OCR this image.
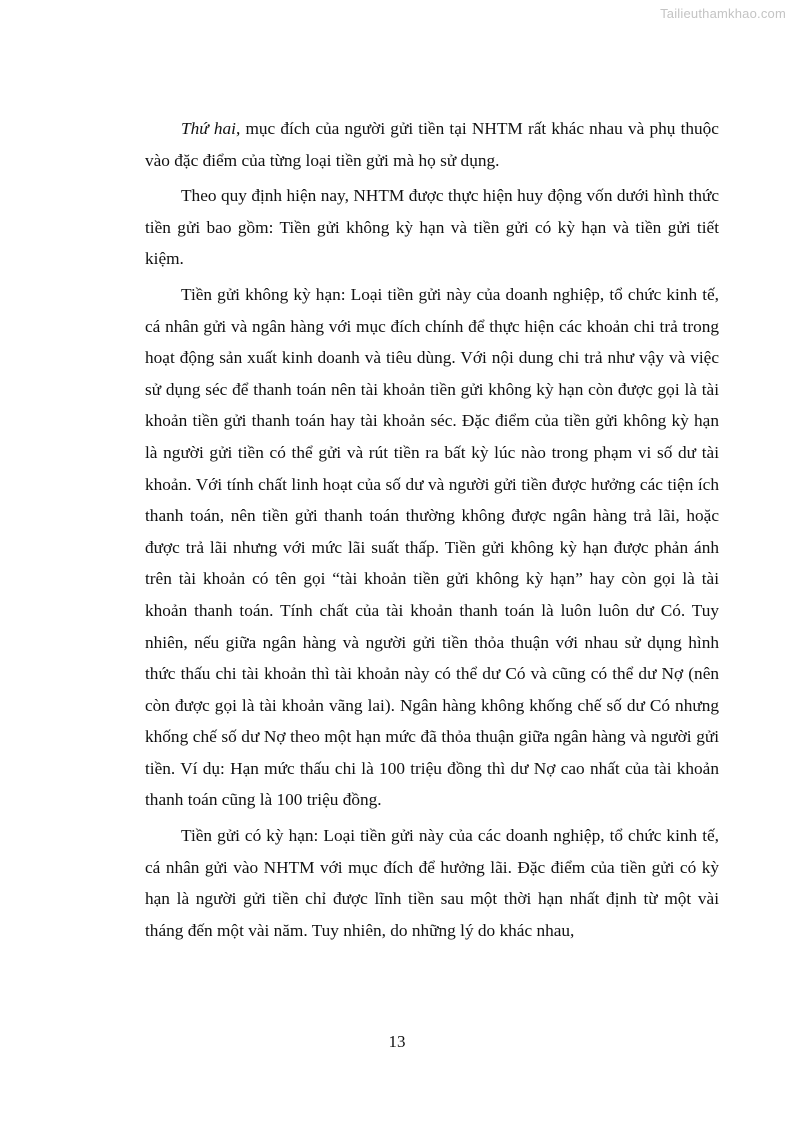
Tailieuthamkhao.com

Thứ hai, mục đích của người gửi tiền tại NHTM rất khác nhau và phụ thuộc vào đặc điểm của từng loại tiền gửi mà họ sử dụng.

Theo quy định hiện nay, NHTM được thực hiện huy động vốn dưới hình thức tiền gửi bao gồm: Tiền gửi không kỳ hạn và tiền gửi có kỳ hạn và tiền gửi tiết kiệm.

Tiền gửi không kỳ hạn: Loại tiền gửi này của doanh nghiệp, tổ chức kinh tế, cá nhân gửi và ngân hàng với mục đích chính để thực hiện các khoản chi trả trong hoạt động sản xuất kinh doanh và tiêu dùng. Với nội dung chi trả như vậy và việc sử dụng séc để thanh toán nên tài khoản tiền gửi không kỳ hạn còn được gọi là tài khoản tiền gửi thanh toán hay tài khoản séc. Đặc điểm của tiền gửi không kỳ hạn là người gửi tiền có thể gửi và rút tiền ra bất kỳ lúc nào trong phạm vi số dư tài khoản. Với tính chất linh hoạt của số dư và người gửi tiền được hưởng các tiện ích thanh toán, nên tiền gửi thanh toán thường không được ngân hàng trả lãi, hoặc được trả lãi nhưng với mức lãi suất thấp. Tiền gửi không kỳ hạn được phản ánh trên tài khoản có tên gọi “tài khoản tiền gửi không kỳ hạn” hay còn gọi là tài khoản thanh toán. Tính chất của tài khoản thanh toán là luôn luôn dư Có. Tuy nhiên, nếu giữa ngân hàng và người gửi tiền thỏa thuận với nhau sử dụng hình thức thấu chi tài khoản thì tài khoản này có thể dư Có và cũng có thể dư Nợ (nên còn được gọi là tài khoản vãng lai). Ngân hàng không khống chế số dư Có nhưng khống chế số dư Nợ theo một hạn mức đã thỏa thuận giữa ngân hàng và người gửi tiền. Ví dụ: Hạn mức thấu chi là 100 triệu đồng thì dư Nợ cao nhất của tài khoản thanh toán cũng là 100 triệu đồng.

Tiền gửi có kỳ hạn: Loại tiền gửi này của các doanh nghiệp, tổ chức kinh tế, cá nhân gửi vào NHTM với mục đích để hưởng lãi. Đặc điểm của tiền gửi có kỳ hạn là người gửi tiền chỉ được lĩnh tiền sau một thời hạn nhất định từ một vài tháng đến một vài năm. Tuy nhiên, do những lý do khác nhau,

13
